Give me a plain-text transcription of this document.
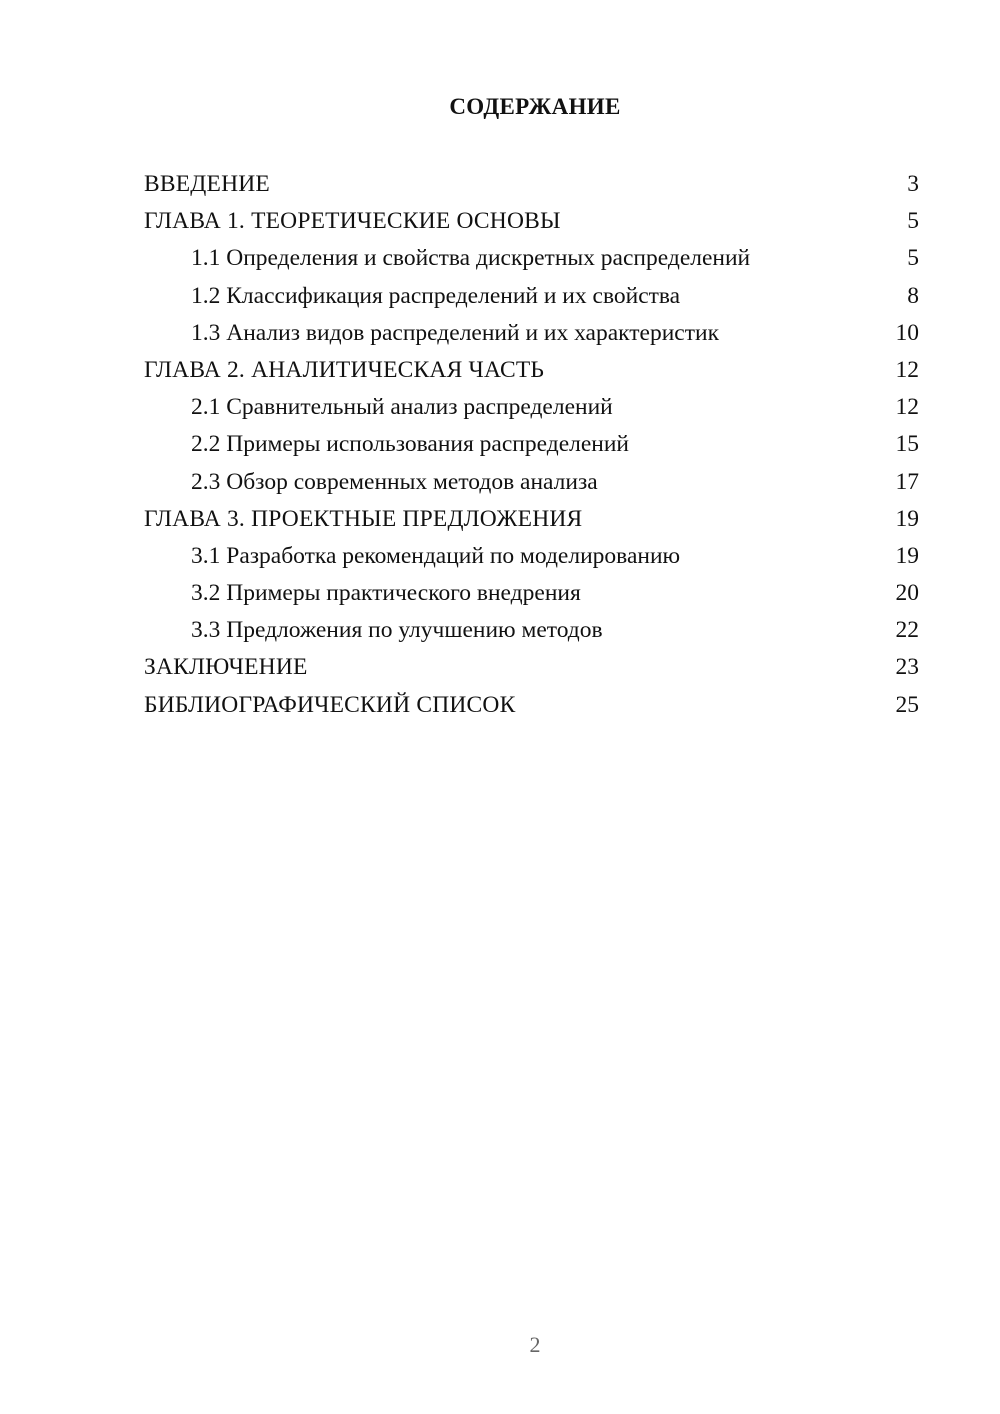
СОДЕРЖАНИЕ
ВВЕДЕНИЕ	3
ГЛАВА 1. ТЕОРЕТИЧЕСКИЕ ОСНОВЫ	5
1.1 Определения и свойства дискретных распределений	5
1.2 Классификация распределений и их свойства	8
1.3 Анализ видов распределений и их характеристик	10
ГЛАВА 2. АНАЛИТИЧЕСКАЯ ЧАСТЬ	12
2.1 Сравнительный анализ распределений	12
2.2 Примеры использования распределений	15
2.3 Обзор современных методов анализа	17
ГЛАВА 3. ПРОЕКТНЫЕ ПРЕДЛОЖЕНИЯ	19
3.1 Разработка рекомендаций по моделированию	19
3.2 Примеры практического внедрения	20
3.3 Предложения по улучшению методов	22
ЗАКЛЮЧЕНИЕ	23
БИБЛИОГРАФИЧЕСКИЙ СПИСОК	25
2
